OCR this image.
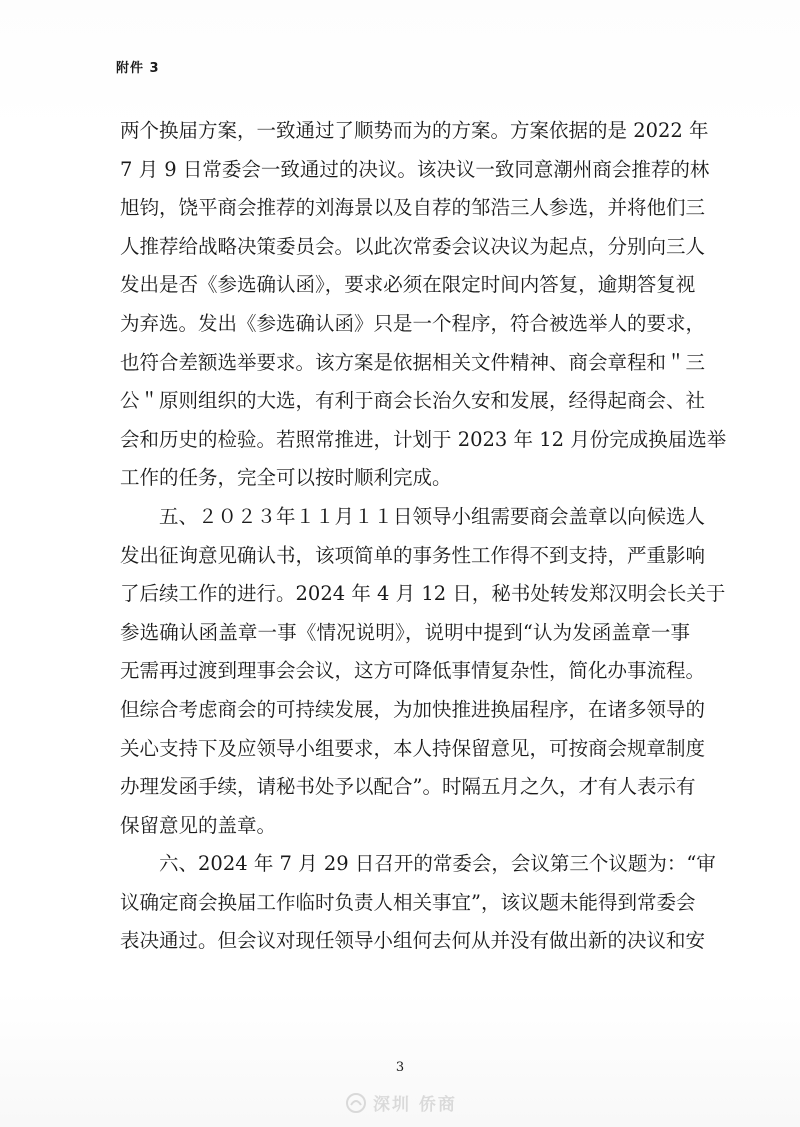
附件 3
两个换届方案，一致通过了顺势而为的方案。方案依据的是 2022 年
7 月 9 日常委会一致通过的决议。该决议一致同意潮州商会推荐的林
旭钧，饶平商会推荐的刘海景以及自荐的邹浩三人参选，并将他们三
人推荐给战略决策委员会。以此次常委会议决议为起点，分别向三人
发出是否《参选确认函》，要求必须在限定时间内答复，逾期答复视
为弃选。发出《参选确认函》只是一个程序，符合被选举人的要求，
也符合差额选举要求。该方案是依据相关文件精神、商会章程和＂三
公＂原则组织的大选，有利于商会长治久安和发展，经得起商会、社
会和历史的检验。若照常推进，计划于 2023 年 12 月份完成换届选举
工作的任务，完全可以按时顺利完成。
五、２０２３年１１月１１日领导小组需要商会盖章以向候选人
发出征询意见确认书，该项简单的事务性工作得不到支持，严重影响
了后续工作的进行。2024 年 4 月 12 日，秘书处转发郑汉明会长关于
参选确认函盖章一事《情况说明》，说明中提到“认为发函盖章一事
无需再过渡到理事会会议，这方可降低事情复杂性，简化办事流程。
但综合考虑商会的可持续发展，为加快推进换届程序，在诸多领导的
关心支持下及应领导小组要求，本人持保留意见，可按商会规章制度
办理发函手续，请秘书处予以配合”。时隔五月之久，才有人表示有
保留意见的盖章。
六、2024 年 7 月 29 日召开的常委会，会议第三个议题为：“审
议确定商会换届工作临时负责人相关事宜”，该议题未能得到常委会
表决通过。但会议对现任领导小组何去何从并没有做出新的决议和安
3
深圳 侨商
